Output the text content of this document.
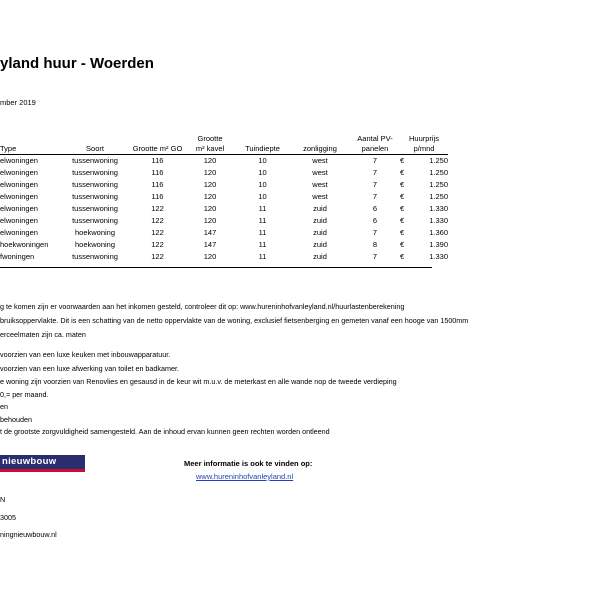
yland huur - Woerden
mber 2019
Type	Soort	Grootte m² GO	Grootte
m² kavel	Tuindiepte	zonligging	Aantal PV-
panelen	Huurprijs
p/mnd	
elwoningen	tussenwoning	116	120	10	west	7	€	1.250
elwoningen	tussenwoning	116	120	10	west	7	€	1.250
elwoningen	tussenwoning	116	120	10	west	7	€	1.250
elwoningen	tussenwoning	116	120	10	west	7	€	1.250
elwoningen	tussenwoning	122	120	11	zuid	6	€	1.330
elwoningen	tussenwoning	122	120	11	zuid	6	€	1.330
elwoningen	hoekwoning	122	147	11	zuid	7	€	1.360
hoekwoningen	hoekwoning	122	147	11	zuid	8	€	1.390
fwoningen	tussenwoning	122	120	11	zuid	7	€	1.330
g te komen zijn er voorwaarden aan het inkomen gesteld, controleer dit op: www.hureninhofvanleyland.nl/huurlastenberekening
bruiksoppervlakte. Dit is een schatting van de netto oppervlakte van de woning, exclusief fietsenberging en gemeten vanaf een hooge van 1500mm
erceelmaten zijn ca. maten
voorzien van een luxe keuken met inbouwapparatuur.
voorzien van een luxe afwerking van toilet en badkamer.
e woning zijn voorzien van Renovlies en gesausd in de keur wit m.u.v. de meterkast en alle wande nop de tweede verdieping
0,= per maand.
en
behouden
t de grootste zorgvuldigheid samengesteld. Aan de inhoud ervan kunnen geen rechten worden ontleend
nieuwbouw	Meer informatie is ook te vinden op:
www.hureninhofvanleyland.nl
N
3005
ningnieuwbouw.nl
